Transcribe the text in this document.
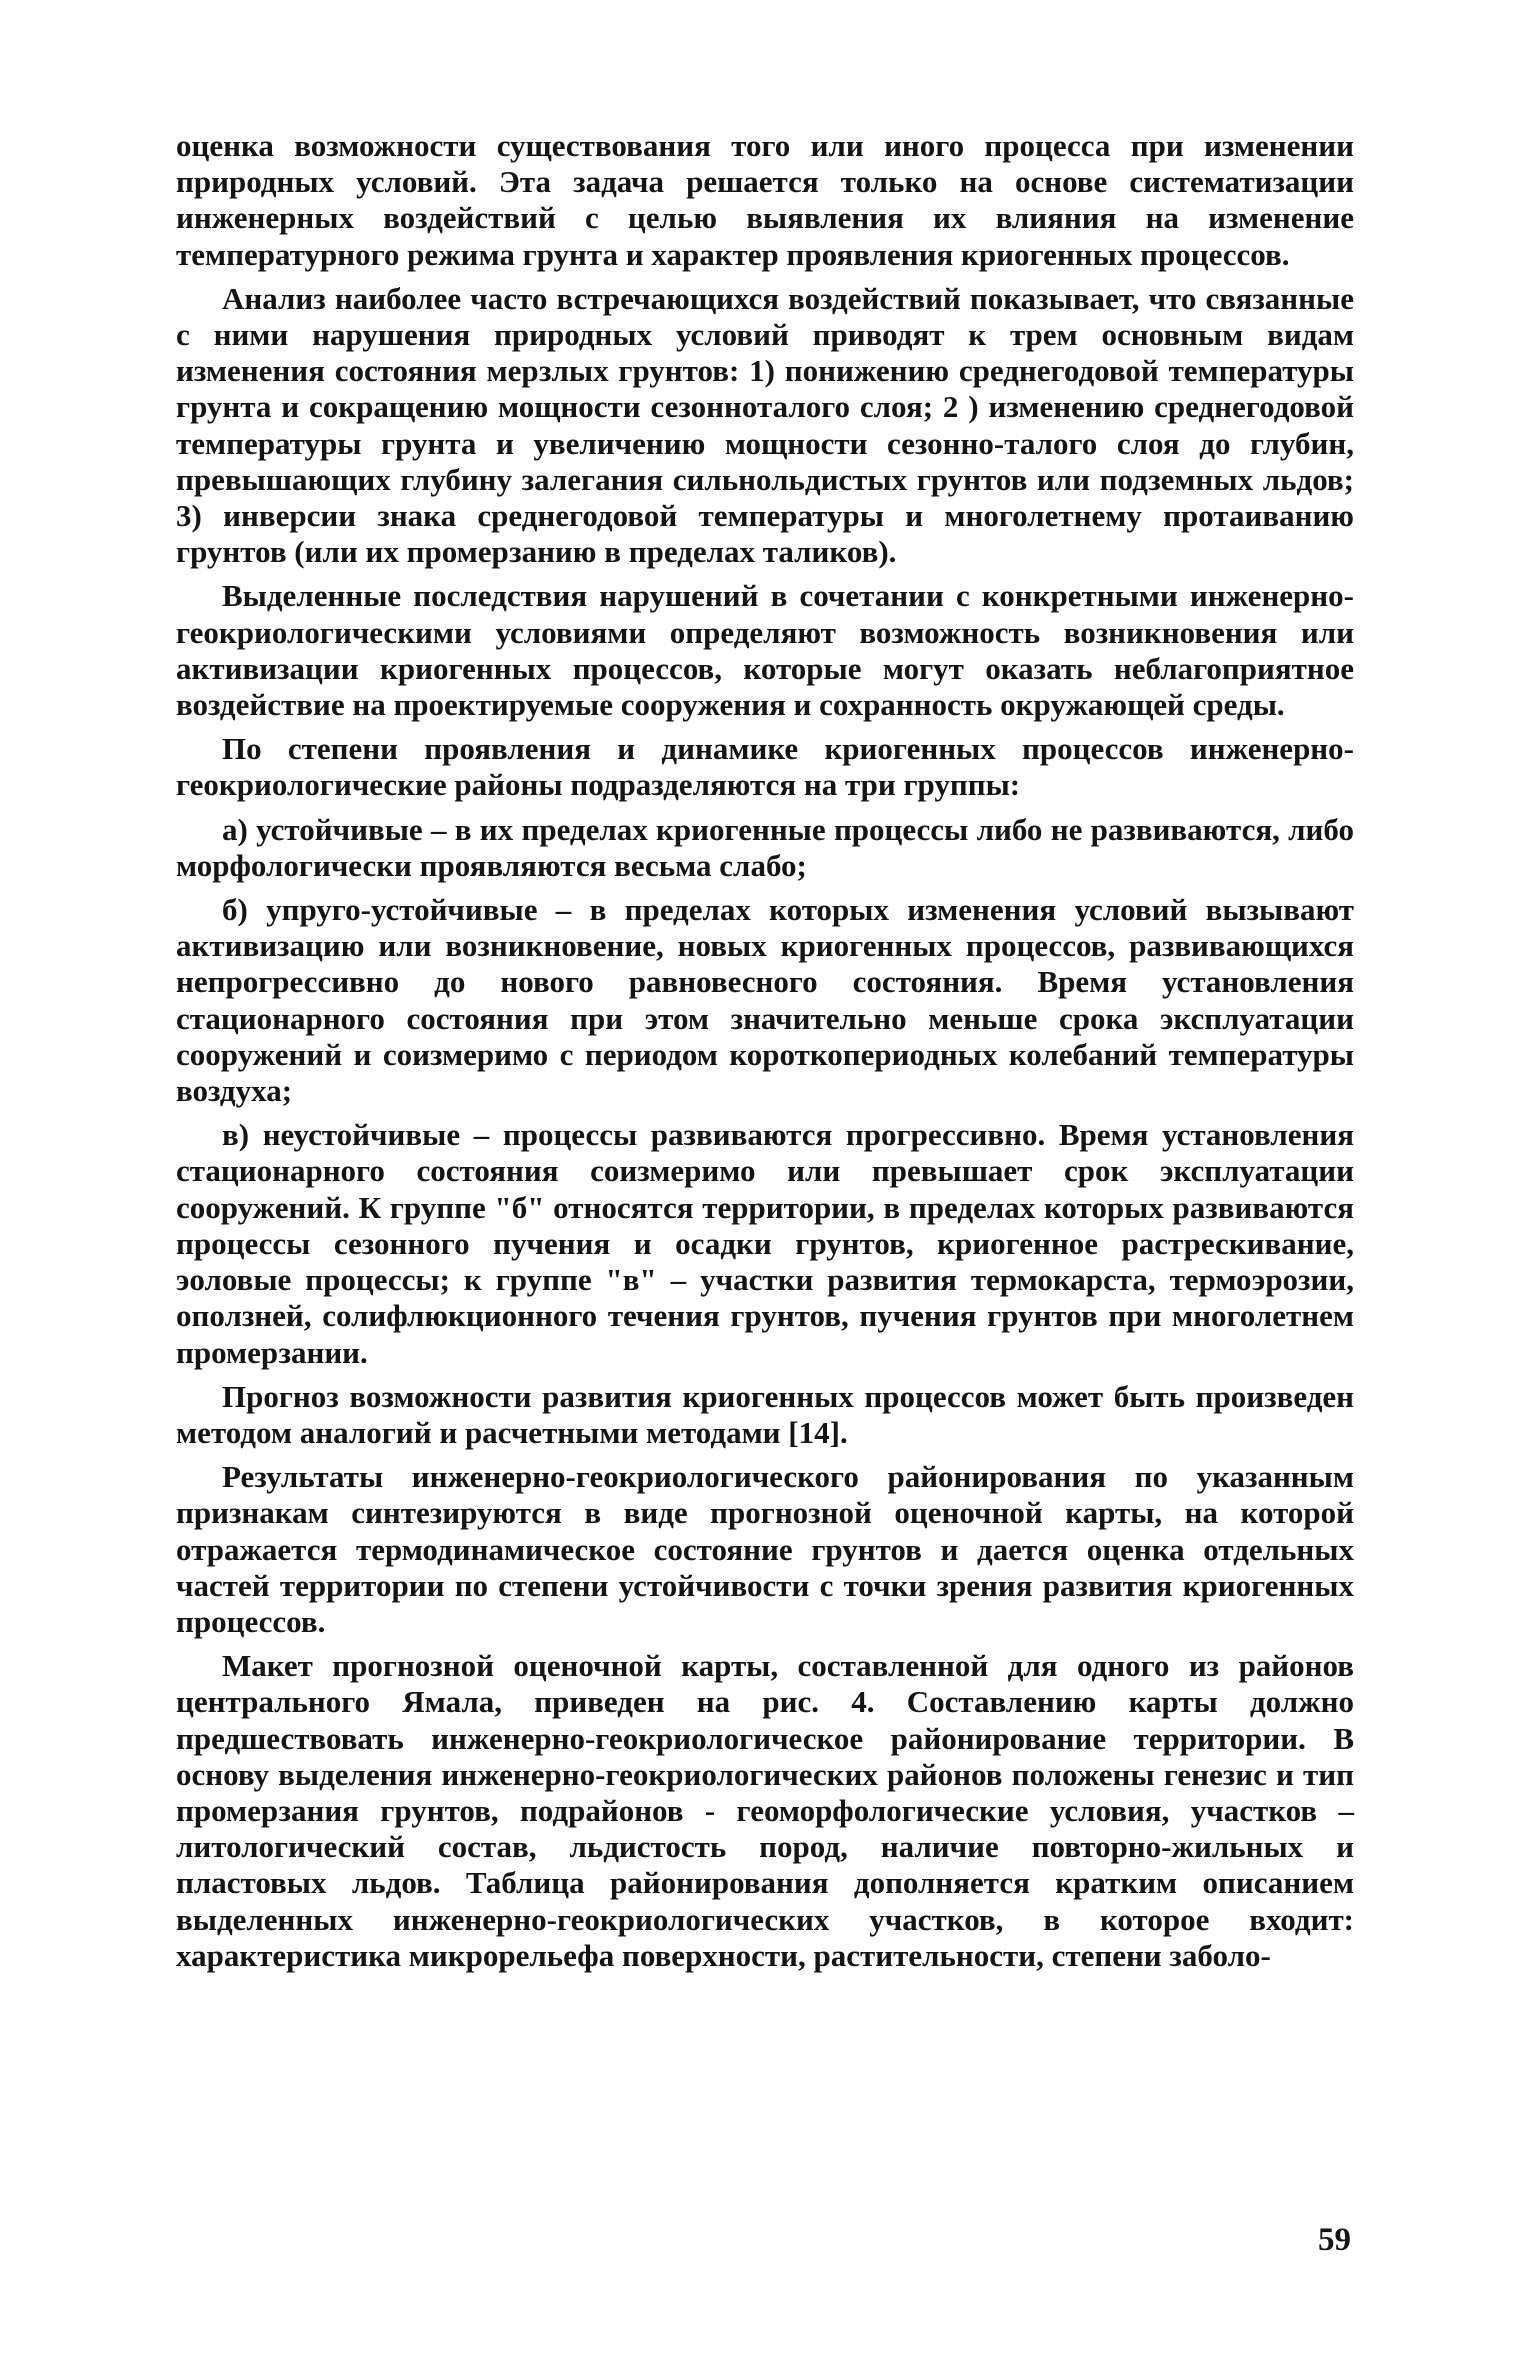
оценка возможности существования того или иного процесса при изменении природных условий. Эта задача решается только на основе систематизации инженерных воздействий с целью выявления их влияния на изменение температурного режима грунта и характер проявления криогенных процессов.

Анализ наиболее часто встречающихся воздействий показывает, что связанные с ними нарушения природных условий приводят к трем основным видам изменения состояния мерзлых грунтов: 1) понижению среднегодовой температуры грунта и сокращению мощности сезонноталого слоя; 2 ) изменению среднегодовой температуры грунта и увеличению мощности сезонно-талого слоя до глубин, превышающих глубину залегания сильнольдистых грунтов или подземных льдов; 3) инверсии знака среднегодовой температуры и многолетнему протаиванию грунтов (или их промерзанию в пределах таликов).

Выделенные последствия нарушений в сочетании с конкретными инженерно-геокриологическими условиями определяют возможность возникновения или активизации криогенных процессов, которые могут оказать неблагоприятное воздействие на проектируемые сооружения и сохранность окружающей среды.

По степени проявления и динамике криогенных процессов инженерно-геокриологические районы подразделяются на три группы:

а) устойчивые – в их пределах криогенные процессы либо не развиваются, либо морфологически проявляются весьма слабо;

б) упруго-устойчивые – в пределах которых изменения условий вызывают активизацию или возникновение, новых криогенных процессов, развивающихся непрогрессивно до нового равновесного состояния. Время установления стационарного состояния при этом значительно меньше срока эксплуатации сооружений и соизмеримо с периодом короткопериодных колебаний температуры воздуха;

в) неустойчивые – процессы развиваются прогрессивно. Время установления стационарного состояния соизмеримо или превышает срок эксплуатации сооружений. К группе "б" относятся территории, в пределах которых развиваются процессы сезонного пучения и осадки грунтов, криогенное растрескивание, эоловые процессы; к группе "в" – участки развития термокарста, термоэрозии, оползней, солифлюкционного течения грунтов, пучения грунтов при многолетнем промерзании.

Прогноз возможности развития криогенных процессов может быть произведен методом аналогий и расчетными методами [14].

Результаты инженерно-геокриологического районирования по указанным признакам синтезируются в виде прогнозной оценочной карты, на которой отражается термодинамическое состояние грунтов и дается оценка отдельных частей территории по степени устойчивости с точки зрения развития криогенных процессов.

Макет прогнозной оценочной карты, составленной для одного из районов центрального Ямала, приведен на рис. 4. Составлению карты должно предшествовать инженерно-геокриологическое районирование территории. В основу выделения инженерно-геокриологических районов положены генезис и тип промерзания грунтов, подрайонов - геоморфологические условия, участков – литологический состав, льдистость пород, наличие повторно-жильных и пластовых льдов. Таблица районирования дополняется кратким описанием выделенных инженерно-геокриологических участков, в которое входит: характеристика микрорельефа поверхности, растительности, степени заболо-

59
